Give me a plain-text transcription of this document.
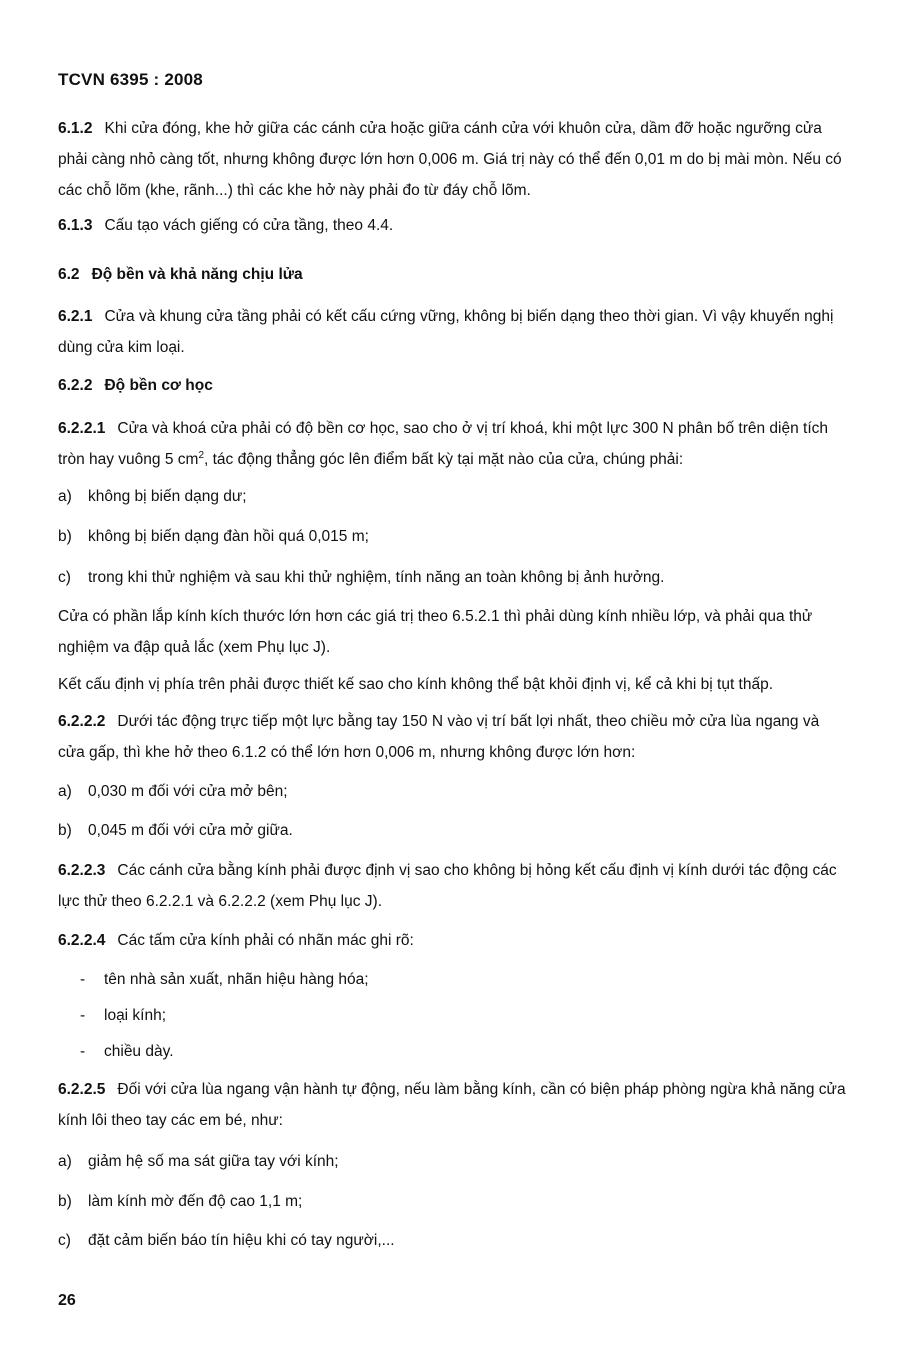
TCVN 6395 : 2008
6.1.2 Khi cửa đóng, khe hở giữa các cánh cửa hoặc giữa cánh cửa với khuôn cửa, dầm đỡ hoặc ngưỡng cửa phải càng nhỏ càng tốt, nhưng không được lớn hơn 0,006 m. Giá trị này có thể đến 0,01 m do bị mài mòn. Nếu có các chỗ lõm (khe, rãnh...) thì các khe hở này phải đo từ đáy chỗ lõm.
6.1.3 Cấu tạo vách giếng có cửa tầng, theo 4.4.
6.2 Độ bền và khả năng chịu lửa
6.2.1 Cửa và khung cửa tầng phải có kết cấu cứng vững, không bị biến dạng theo thời gian. Vì vậy khuyến nghị dùng cửa kim loại.
6.2.2 Độ bền cơ học
6.2.2.1 Cửa và khoá cửa phải có độ bền cơ học, sao cho ở vị trí khoá, khi một lực 300 N phân bố trên diện tích tròn hay vuông 5 $cm^2$, tác động thẳng góc lên điểm bất kỳ tại mặt nào của cửa, chúng phải:
a) không bị biến dạng dư;
b) không bị biến dạng đàn hồi quá 0,015 m;
c) trong khi thử nghiệm và sau khi thử nghiệm, tính năng an toàn không bị ảnh hưởng.
Cửa có phần lắp kính kích thước lớn hơn các giá trị theo 6.5.2.1 thì phải dùng kính nhiều lớp, và phải qua thử nghiệm va đập quả lắc (xem Phụ lục J).
Kết cấu định vị phía trên phải được thiết kế sao cho kính không thể bật khỏi định vị, kể cả khi bị tụt thấp.
6.2.2.2 Dưới tác động trực tiếp một lực bằng tay 150 N vào vị trí bất lợi nhất, theo chiều mở cửa lùa ngang và cửa gấp, thì khe hở theo 6.1.2 có thể lớn hơn 0,006 m, nhưng không được lớn hơn:
a) 0,030 m đối với cửa mở bên;
b) 0,045 m đối với cửa mở giữa.
6.2.2.3 Các cánh cửa bằng kính phải được định vị sao cho không bị hỏng kết cấu định vị kính dưới tác động các lực thử theo 6.2.2.1 và 6.2.2.2 (xem Phụ lục J).
6.2.2.4 Các tấm cửa kính phải có nhãn mác ghi rõ:
- tên nhà sản xuất, nhãn hiệu hàng hóa;
- loại kính;
- chiều dày.
6.2.2.5 Đối với cửa lùa ngang vận hành tự động, nếu làm bằng kính, cần có biện pháp phòng ngừa khả năng cửa kính lôi theo tay các em bé, như:
a) giảm hệ số ma sát giữa tay với kính;
b) làm kính mờ đến độ cao 1,1 m;
c) đặt cảm biến báo tín hiệu khi có tay người,...
26
